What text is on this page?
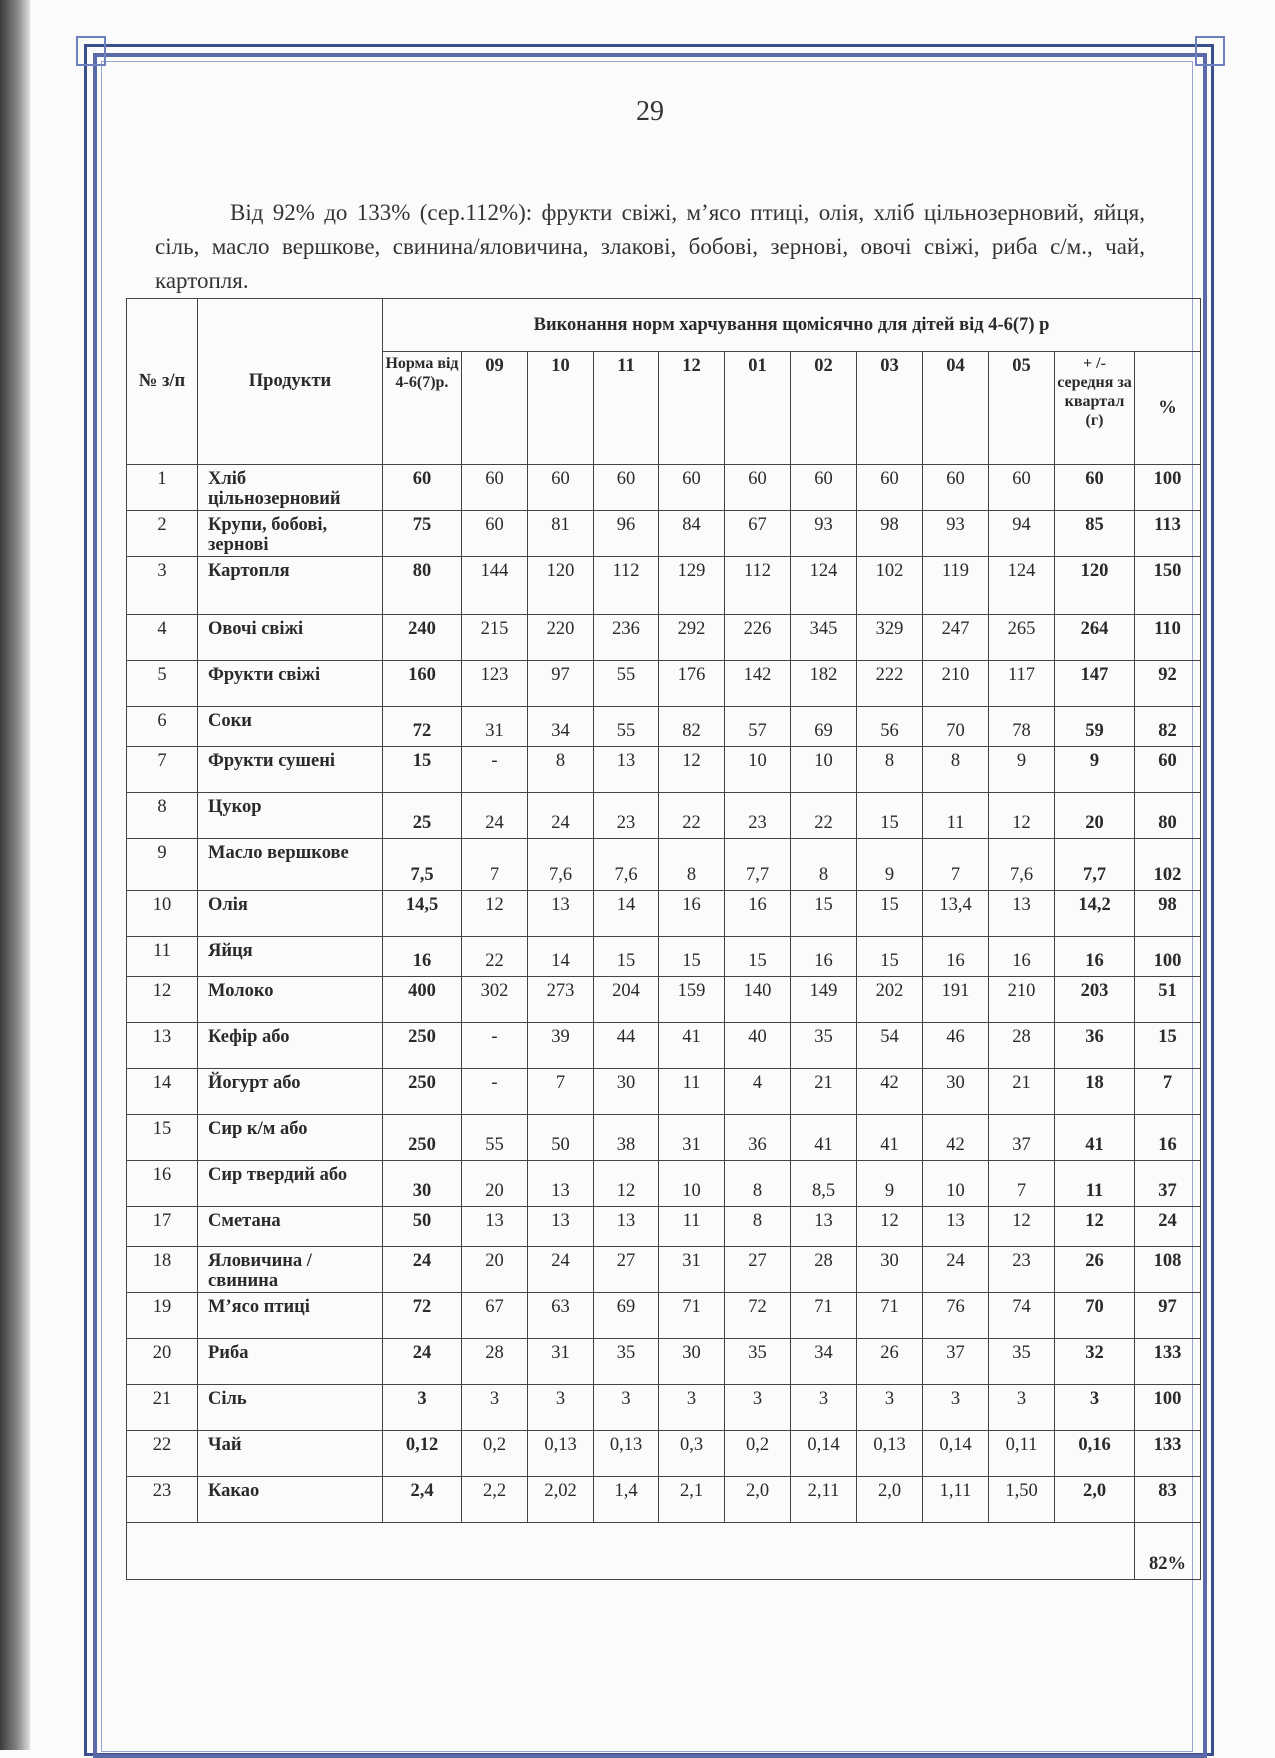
29

Від 92% до 133% (сер.112%): фрукти свіжі, м’ясо птиці, олія, хліб цільнозерновий, яйця, сіль, масло вершкове, свинина/яловичина, злакові, бобові, зернові, овочі свіжі, риба с/м., чай, картопля.

№ з/п	Продукти	Виконання норм харчування щомісячно для дітей від 4-6(7) р											
		Норма від 4-6(7)р.	09	10	11	12	01	02	03	04	05	+ /- середня за квартал (г)	%
1	Хліб цільнозерновий	60	60	60	60	60	60	60	60	60	60	60	100
2	Крупи, бобові, зернові	75	60	81	96	84	67	93	98	93	94	85	113
3	Картопля	80	144	120	112	129	112	124	102	119	124	120	150
4	Овочі свіжі	240	215	220	236	292	226	345	329	247	265	264	110
5	Фрукти свіжі	160	123	97	55	176	142	182	222	210	117	147	92
6	Соки	72	31	34	55	82	57	69	56	70	78	59	82
7	Фрукти сушені	15	-	8	13	12	10	10	8	8	9	9	60
8	Цукор	25	24	24	23	22	23	22	15	11	12	20	80
9	Масло вершкове	7,5	7	7,6	7,6	8	7,7	8	9	7	7,6	7,7	102
10	Олія	14,5	12	13	14	16	16	15	15	13,4	13	14,2	98
11	Яйця	16	22	14	15	15	15	16	15	16	16	16	100
12	Молоко	400	302	273	204	159	140	149	202	191	210	203	51
13	Кефір або	250	-	39	44	41	40	35	54	46	28	36	15
14	Йогурт або	250	-	7	30	11	4	21	42	30	21	18	7
15	Сир к/м або	250	55	50	38	31	36	41	41	42	37	41	16
16	Сир твердий або	30	20	13	12	10	8	8,5	9	10	7	11	37
17	Сметана	50	13	13	13	11	8	13	12	13	12	12	24
18	Яловичина / свинина	24	20	24	27	31	27	28	30	24	23	26	108
19	М’ясо птиці	72	67	63	69	71	72	71	71	76	74	70	97
20	Риба	24	28	31	35	30	35	34	26	37	35	32	133
21	Сіль	3	3	3	3	3	3	3	3	3	3	3	100
22	Чай	0,12	0,2	0,13	0,13	0,3	0,2	0,14	0,13	0,14	0,11	0,16	133
23	Какао	2,4	2,2	2,02	1,4	2,1	2,0	2,11	2,0	1,11	1,50	2,0	83
													82%
